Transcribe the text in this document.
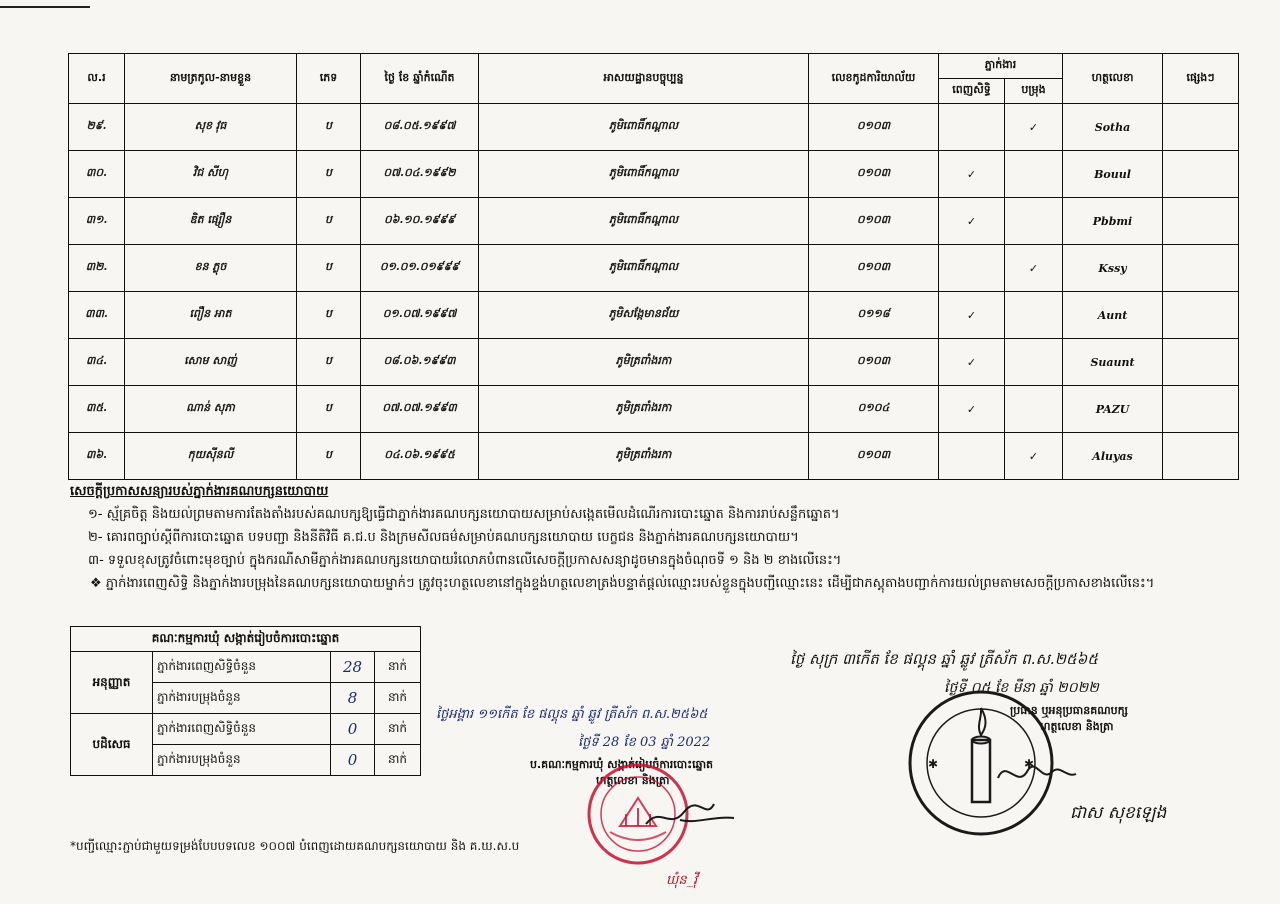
ល.រ	នាមត្រកូល-នាមខ្លួន	ភេទ	ថ្ងៃ ខែ ឆ្នាំកំណើត	អាសយដ្ឋានបច្ចុប្បន្ន	លេខកូដការិយាល័យ	ភ្នាក់ងារ		ហត្ថលេខា	ផ្សេងៗ
						ពេញសិទ្ធិ	បម្រុង		
២៩.	សុខ វុធ	ប	០៨.០៥.១៩៩៧	ភូមិពោធិ៍កណ្ដាល	០១០៣		✓	Sotha	
៣០.	វិជ សីហុ	ប	០៧.០៤.១៩៩២	ភូមិពោធិ៍កណ្ដាល	០១០៣	✓		Bouul	
៣១.	ឌិត ផ្សឿន	ប	០៦.១០.១៩៩៩	ភូមិពោធិ៍កណ្ដាល	០១០៣	✓		Pbbmi	
៣២.	ខន ភ្លុច	ប	០១.០១.០១៩៩៩	ភូមិពោធិ៍កណ្ដាល	០១០៣		✓	Kssy	
៣៣.	ពឿន អាត	ប	០១.០៧.១៩៩៧	ភូមិសង្កែមានជ័យ	០១១៨	✓		Aunt	
៣៤.	សោម សាញ់	ប	០៨.០៦.១៩៩៣	ភូមិត្រពាំងរកា	០១០៣	✓		Suaunt	
៣៥.	ណាន់ សុភា	ប	០៧.០៧.១៩៩៣	ភូមិត្រពាំងរកា	០១០៤	✓		PAZU	
៣៦.	កុយសុីនលី	ប	០៤.០៦.១៩៩៥	ភូមិត្រពាំងរកា	០១០៣		✓	Aluyas	
សេចក្ដីប្រកាសសន្យារបស់ភ្នាក់ងារគណបក្សនយោបាយ
១- ស្ម័គ្រចិត្ត និងយល់ព្រមតាមការតែងតាំងរបស់គណបក្សឱ្យធ្វើជាភ្នាក់ងារគណបក្សនយោបាយសម្រាប់សង្កេតមើលដំណើរការបោះឆ្នោត និងការរាប់សន្លឹកឆ្នោត។
២- គោរពច្បាប់ស្ដីពីការបោះឆ្នោត បទបញ្ជា និងនីតិវិធី គ.ជ.ប និងក្រមសីលធម៌សម្រាប់គណបក្សនយោបាយ បេក្ខជន និងភ្នាក់ងារគណបក្សនយោបាយ។
៣- ទទួលខុសត្រូវចំពោះមុខច្បាប់ ក្នុងករណីសាមីភ្នាក់ងារគណបក្សនយោបាយរំលោភបំពានលើសេចក្ដីប្រកាសសន្យាដូចមានក្នុងចំណុចទី ១ និង ២ ខាងលើនេះ។
❖ ភ្នាក់ងារពេញសិទ្ធិ និងភ្នាក់ងារបម្រុងនៃគណបក្សនយោបាយម្នាក់ៗ ត្រូវចុះហត្ថលេខានៅក្នុងខ្ទង់ហត្ថលេខាត្រង់បន្ទាត់ផ្ដល់ឈ្មោះរបស់ខ្លួនក្នុងបញ្ជីឈ្មោះនេះ ដើម្បីជាភស្ដុតាងបញ្ជាក់ការយល់ព្រមតាមសេចក្ដីប្រកាសខាងលើនេះ។
គណៈកម្មការឃុំ សង្កាត់រៀបចំការបោះឆ្នោត			
អនុញ្ញាត	ភ្នាក់ងារពេញសិទ្ធិចំនួន	28	នាក់
	ភ្នាក់ងារបម្រុងចំនួន	8	នាក់
បដិសេធ	ភ្នាក់ងារពេញសិទ្ធិចំនួន	0	នាក់
	ភ្នាក់ងារបម្រុងចំនួន	0	នាក់
ថ្ងៃអង្គារ ១១កើត ខែ ផល្គុន ឆ្នាំ ឆ្លូវ ត្រីស័ក ព.ស.២៥៦៥
ថ្ងៃទី 28 ខែ 03 ឆ្នាំ 2022
ប.គណៈកម្មការឃុំ សង្កាត់រៀបចំការបោះឆ្នោត
ហត្ថលេខា និងត្រា
ឃុំន_វុី
ថ្ងៃ សុក្រ ៣កើត ខែ ផល្គុន ឆ្នាំ ឆ្លូវ ត្រីស័ក ព.ស.២៥៦៥
ថ្ងៃទី ០៥ ខែ មីនា ឆ្នាំ ២០២២
ប្រធាន ឬអនុប្រធានគណបក្ស
ហត្ថលេខា និងត្រា
✱	✱
ជាស សុខឡេង
*បញ្ជីឈ្មោះភ្ជាប់ជាមួយទម្រង់បែបបទលេខ ១០០៧ បំពេញដោយគណបក្សនយោបាយ និង គ.ឃ.ស.ប
